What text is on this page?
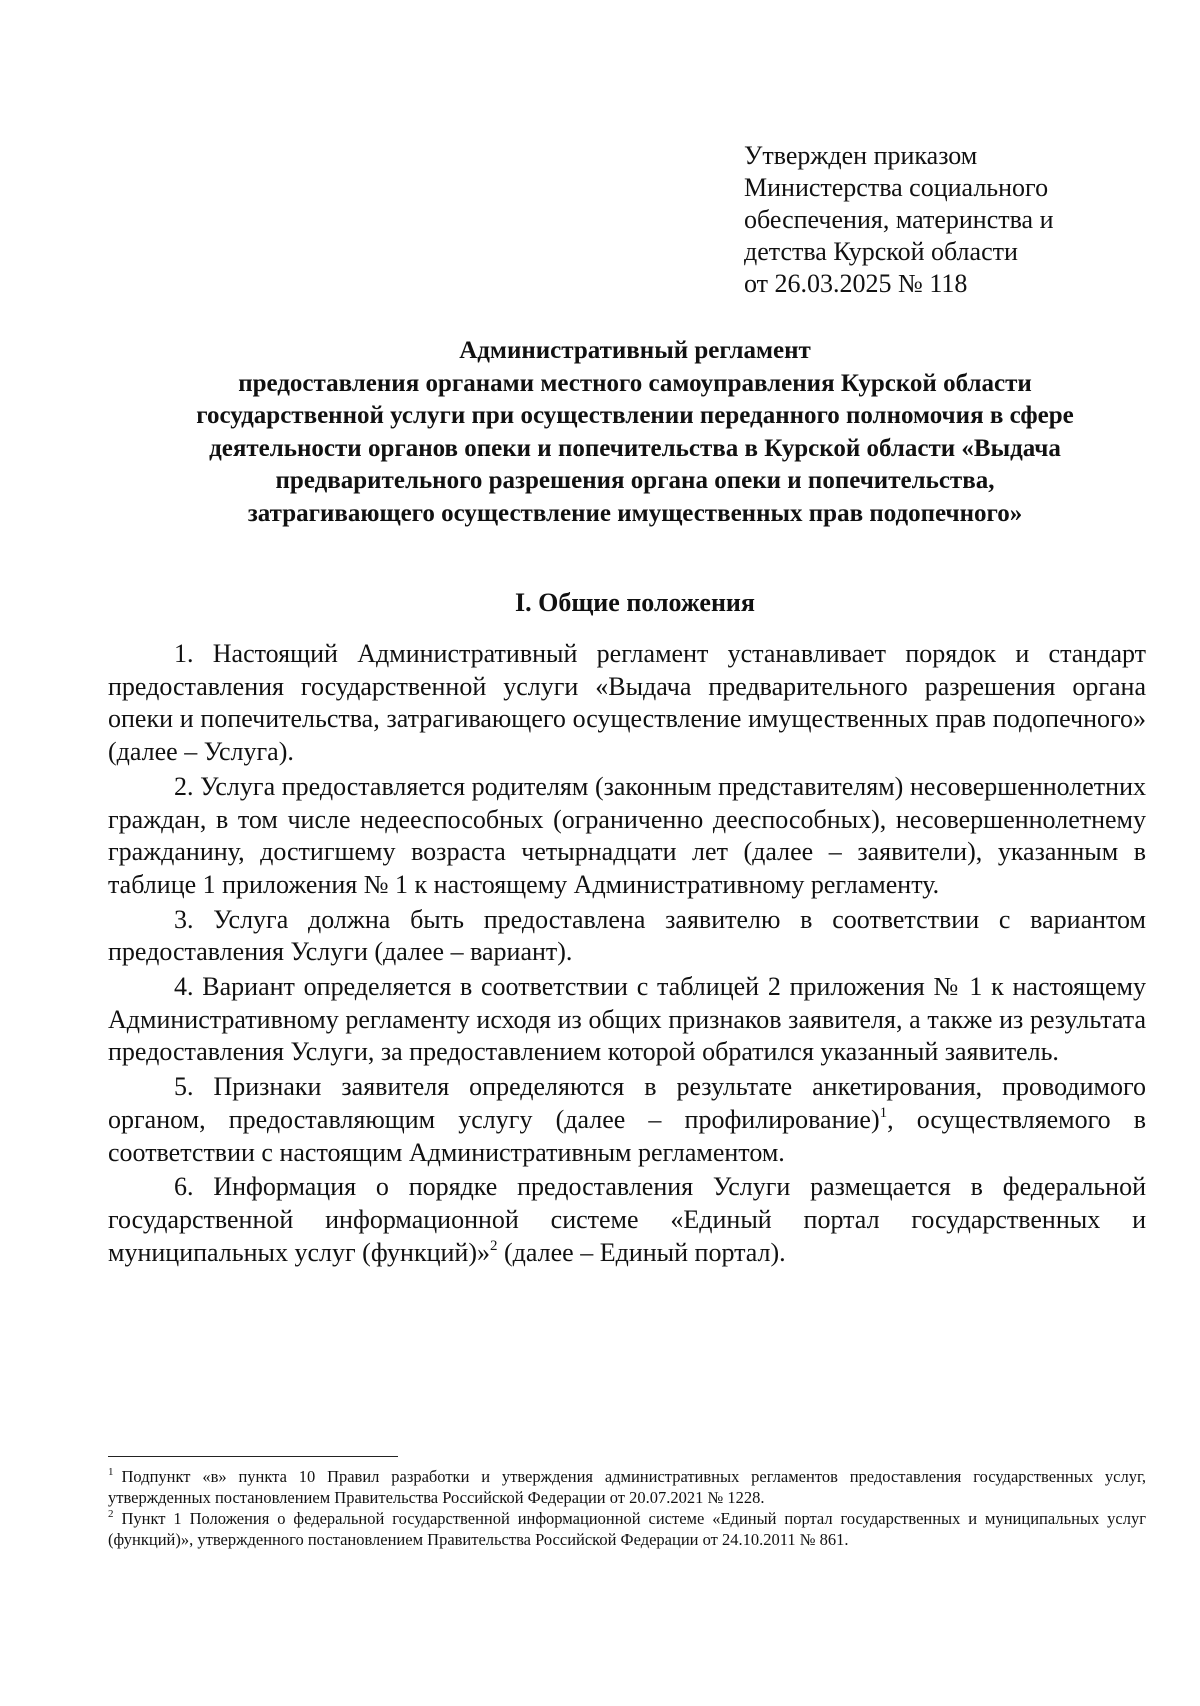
Утвержден приказом
Министерства социального
обеспечения, материнства и
детства Курской области
от 26.03.2025 № 118
Административный регламент
предоставления органами местного самоуправления Курской области
государственной услуги при осуществлении переданного полномочия в сфере
деятельности органов опеки и попечительства в Курской области «Выдача
предварительного разрешения органа опеки и попечительства,
затрагивающего осуществление имущественных прав подопечного»
I. Общие положения

1. Настоящий Административный регламент устанавливает порядок и стандарт предоставления государственной услуги «Выдача предварительного разрешения органа опеки и попечительства, затрагивающего осуществление имущественных прав подопечного» (далее – Услуга).

2. Услуга предоставляется родителям (законным представителям) несовершеннолетних граждан, в том числе недееспособных (ограниченно дееспособных), несовершеннолетнему гражданину, достигшему возраста четырнадцати лет (далее – заявители), указанным в таблице 1 приложения № 1 к настоящему Административному регламенту.

3. Услуга должна быть предоставлена заявителю в соответствии с вариантом предоставления Услуги (далее – вариант).

4. Вариант определяется в соответствии с таблицей 2 приложения № 1 к настоящему Административному регламенту исходя из общих признаков заявителя, а также из результата предоставления Услуги, за предоставлением которой обратился указанный заявитель.

5. Признаки заявителя определяются в результате анкетирования, проводимого органом, предоставляющим услугу (далее – профилирование)$^1$, осуществляемого в соответствии с настоящим Административным регламентом.

6. Информация о порядке предоставления Услуги размещается в федеральной государственной информационной системе «Единый портал государственных и муниципальных услуг (функций)»$^2$ (далее – Единый портал).

$^1$ Подпункт «в» пункта 10 Правил разработки и утверждения административных регламентов предоставления государственных услуг, утвержденных постановлением Правительства Российской Федерации от 20.07.2021 № 1228.

$^2$ Пункт 1 Положения о федеральной государственной информационной системе «Единый портал государственных и муниципальных услуг (функций)», утвержденного постановлением Правительства Российской Федерации от 24.10.2011 № 861.
